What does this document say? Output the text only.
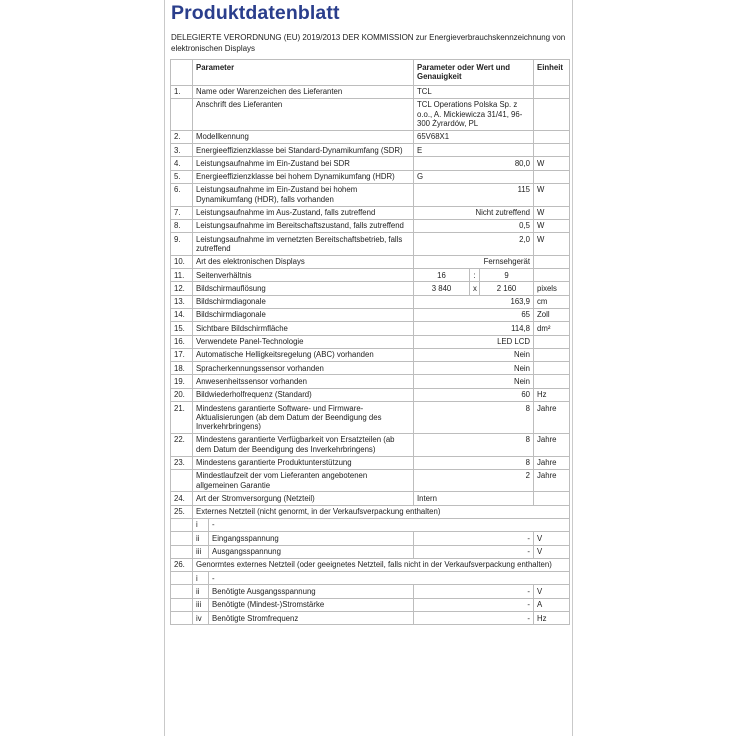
Produktdatenblatt
DELEGIERTE VERORDNUNG (EU) 2019/2013 DER KOMMISSION zur Energieverbrauchskennzeichnung von elektronischen Displays
	Parameter		Parameter oder Wert und Genauigkeit			Einheit
1.	Name oder Warenzeichen des Lieferanten		TCL			
	Anschrift des Lieferanten		TCL Operations Polska Sp. z o.o., A. Mickiewicza 31/41, 96-300 Żyrardów, PL			
2.	Modellkennung		65V68X1			
3.	Energieeffizienzklasse bei Standard-Dynamikumfang (SDR)		E			
4.	Leistungsaufnahme im Ein-Zustand bei SDR		80,0			W
5.	Energieeffizienzklasse bei hohem Dynamikumfang (HDR)		G			
6.	Leistungsaufnahme im Ein-Zustand bei hohem Dynamikumfang (HDR), falls vorhanden		115			W
7.	Leistungsaufnahme im Aus-Zustand, falls zutreffend		Nicht zutreffend			W
8.	Leistungsaufnahme im Bereitschaftszustand, falls zutreffend		0,5			W
9.	Leistungsaufnahme im vernetzten Bereitschaftsbetrieb, falls zutreffend		2,0			W
10.	Art des elektronischen Displays		Fernsehgerät			
11.	Seitenverhältnis		16	:	9	
12.	Bildschirmauflösung		3 840	x	2 160	pixels
13.	Bildschirmdiagonale		163,9			cm
14.	Bildschirmdiagonale		65			Zoll
15.	Sichtbare Bildschirmfläche		114,8			dm²
16.	Verwendete Panel-Technologie		LED LCD			
17.	Automatische Helligkeitsregelung (ABC) vorhanden		Nein			
18.	Spracherkennungssensor vorhanden		Nein			
19.	Anwesenheitssensor vorhanden		Nein			
20.	Bildwiederholfrequenz (Standard)		60			Hz
21.	Mindestens garantierte Software- und Firmware-Aktualisierungen (ab dem Datum der Beendigung des Inverkehrbringens)		8			Jahre
22.	Mindestens garantierte Verfügbarkeit von Ersatzteilen (ab dem Datum der Beendigung des Inverkehrbringens)		8			Jahre
23.	Mindestens garantierte Produktunterstützung		8			Jahre
	Mindestlaufzeit der vom Lieferanten angebotenen allgemeinen Garantie		2			Jahre
24.	Art der Stromversorgung (Netzteil)		Intern			
25.	Externes Netzteil (nicht genormt, in der Verkaufsverpackung enthalten)					
	i	-				
	ii	Eingangsspannung	-			V
	iii	Ausgangsspannung	-			V
26.	Genormtes externes Netzteil (oder geeignetes Netzteil, falls nicht in der Verkaufsverpackung enthalten)					
	i	-				
	ii	Benötigte Ausgangsspannung	-			V
	iii	Benötigte (Mindest-)Stromstärke	-			A
	iv	Benötigte Stromfrequenz	-			Hz
